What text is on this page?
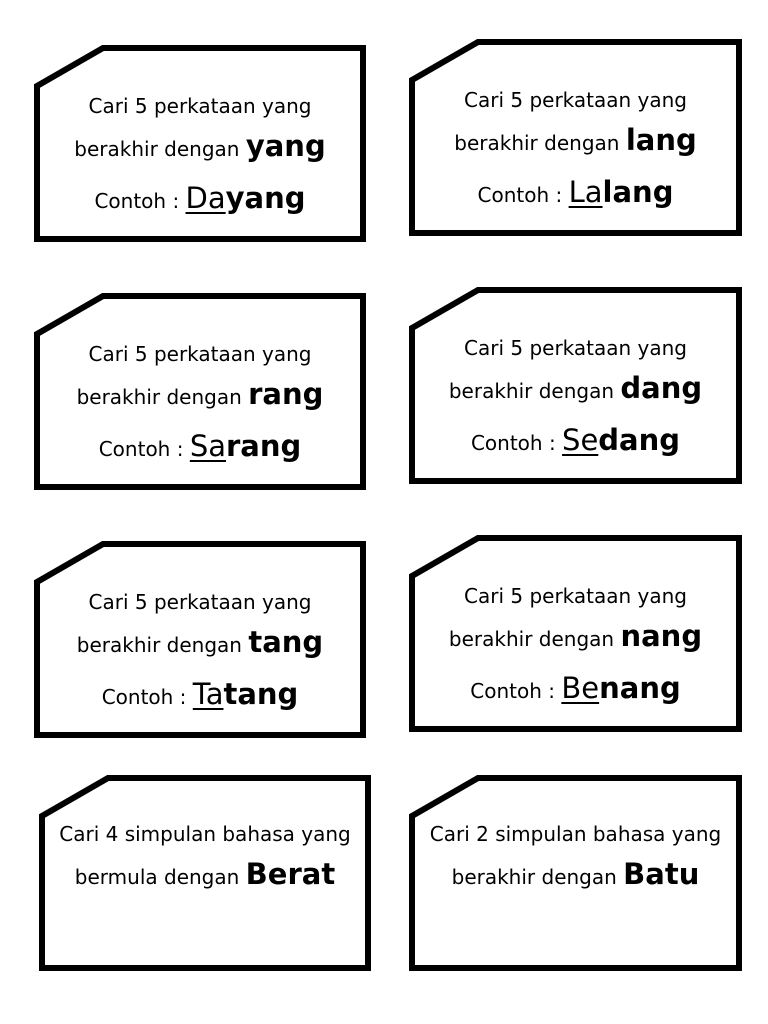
Cari 5 perkataan yang
berakhir dengan yang
Contoh : Dayang
Cari 5 perkataan yang
berakhir dengan lang
Contoh : Lalang
Cari 5 perkataan yang
berakhir dengan rang
Contoh : Sarang
Cari 5 perkataan yang
berakhir dengan dang
Contoh : Sedang
Cari 5 perkataan yang
berakhir dengan tang
Contoh : Tatang
Cari 5 perkataan yang
berakhir dengan nang
Contoh : Benang
Cari 4 simpulan bahasa yang
bermula dengan Berat
Cari 2 simpulan bahasa yang
berakhir dengan Batu
